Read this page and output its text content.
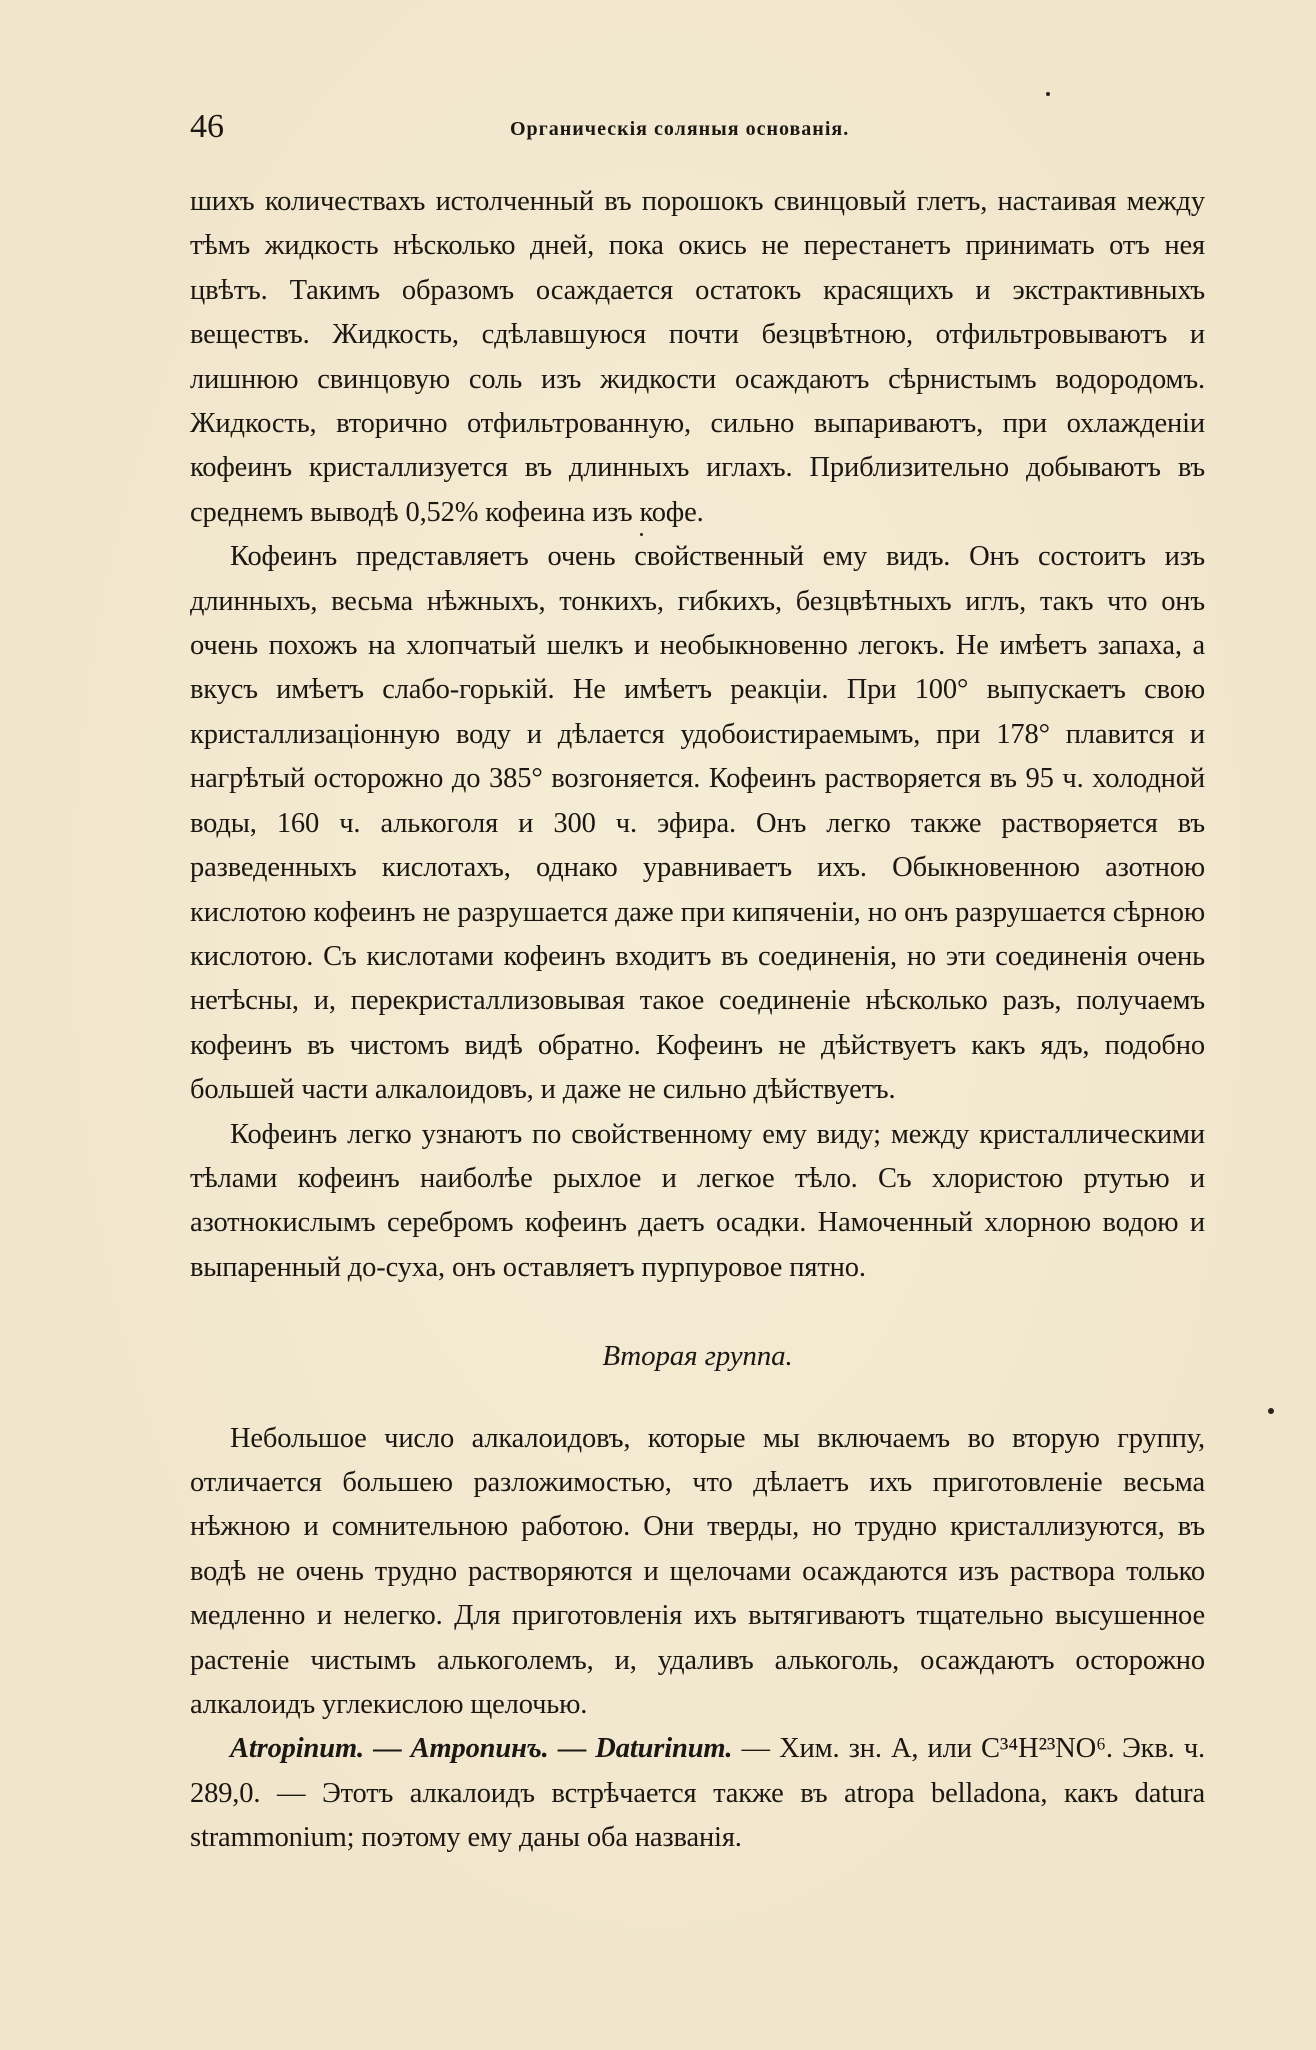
46	Органическія соляныя основанія.

шихъ количествахъ истолченный въ порошокъ свинцовый глетъ, настаивая между тѣмъ жидкость нѣсколько дней, пока окись не перестанетъ принимать отъ нея цвѣтъ. Такимъ образомъ осаждается остатокъ красящихъ и экстрактивныхъ веществъ. Жидкость, сдѣлавшуюся почти безцвѣтною, отфильтровываютъ и лишнюю свинцовую соль изъ жидкости осаждаютъ сѣрнистымъ водородомъ. Жидкость, вторично отфильтрованную, сильно выпариваютъ, при охлажденіи кофеинъ кристаллизуется въ длинныхъ иглахъ. Приблизительно добываютъ въ среднемъ выводѣ 0,52% кофеина изъ кофе.

Кофеинъ представляетъ очень свойственный ему видъ. Онъ состоитъ изъ длинныхъ, весьма нѣжныхъ, тонкихъ, гибкихъ, безцвѣтныхъ иглъ, такъ что онъ очень похожъ на хлопчатый шелкъ и необыкновенно легокъ. Не имѣетъ запаха, а вкусъ имѣетъ слабо-горькій. Не имѣетъ реакціи. При 100° выпускаетъ свою кристаллизаціонную воду и дѣлается удобоистираемымъ, при 178° плавится и нагрѣтый осторожно до 385° возгоняется. Кофеинъ растворяется въ 95 ч. холодной воды, 160 ч. алькоголя и 300 ч. эфира. Онъ легко также растворяется въ разведенныхъ кислотахъ, однако уравниваетъ ихъ. Обыкновенною азотною кислотою кофеинъ не разрушается даже при кипяченіи, но онъ разрушается сѣрною кислотою. Съ кислотами кофеинъ входитъ въ соединенія, но эти соединенія очень нетѣсны, и, перекристаллизовывая такое соединеніе нѣсколько разъ, получаемъ кофеинъ въ чистомъ видѣ обратно. Кофеинъ не дѣйствуетъ какъ ядъ, подобно большей части алкалоидовъ, и даже не сильно дѣйствуетъ.

Кофеинъ легко узнаютъ по свойственному ему виду; между кристаллическими тѣлами кофеинъ наиболѣе рыхлое и легкое тѣло. Съ хлористою ртутью и азотнокислымъ серебромъ кофеинъ даетъ осадки. Намоченный хлорною водою и выпаренный до-суха, онъ оставляетъ пурпуровое пятно.

Вторая группа.

Небольшое число алкалоидовъ, которые мы включаемъ во вторую группу, отличается большею разложимостью, что дѣлаетъ ихъ приготовленіе весьма нѣжною и сомнительною работою. Они тверды, но трудно кристаллизуются, въ водѣ не очень трудно растворяются и щелочами осаждаются изъ раствора только медленно и нелегко. Для приготовленія ихъ вытягиваютъ тщательно высушенное растеніе чистымъ алькоголемъ, и, удаливъ алькоголь, осаждаютъ осторожно алкалоидъ углекислою щелочью.

Atropinum. — Атропинъ. — Daturinum. — Хим. зн. A, или C³⁴H²³NO⁶. Экв. ч. 289,0. — Этотъ алкалоидъ встрѣчается также въ atropa belladona, какъ datura strammonium; поэтому ему даны оба названія.
